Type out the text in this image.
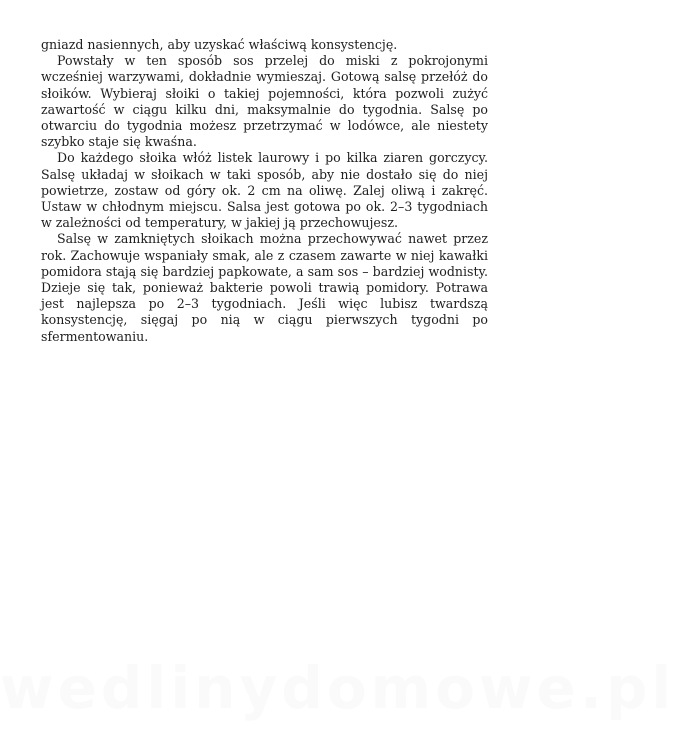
gniazd nasiennych, aby uzyskać właściwą konsystencję.

Powstały w ten sposób sos przelej do miski z pokrojonymi wcześniej warzywami, dokładnie wymieszaj. Gotową salsę przełóż do słoików. Wybieraj słoiki o takiej pojemności, która pozwoli zużyć zawartość w ciągu kilku dni, maksymalnie do tygodnia. Salsę po otwarciu do tygodnia możesz przetrzymać w lodówce, ale niestety szybko staje się kwaśna.

Do każdego słoika włóż listek laurowy i po kilka ziaren gorczycy. Salsę układaj w słoikach w taki sposób, aby nie dostało się do niej powietrze, zostaw od góry ok. 2 cm na oliwę. Zalej oliwą i zakręć. Ustaw w chłodnym miejscu. Salsa jest gotowa po ok. 2–3 tygodniach w zależności od temperatury, w jakiej ją przechowujesz.

Salsę w zamkniętych słoikach można przechowywać nawet przez rok. Zachowuje wspaniały smak, ale z czasem zawarte w niej kawałki pomidora stają się bardziej papkowate, a sam sos – bardziej wodnisty. Dzieje się tak, ponieważ bakterie powoli trawią pomidory. Potrawa jest najlepsza po 2–3 tygodniach. Jeśli więc lubisz twardszą konsystencję, sięgaj po nią w ciągu pierwszych tygodni po sfermentowaniu.

wedlinydomowe.pl
